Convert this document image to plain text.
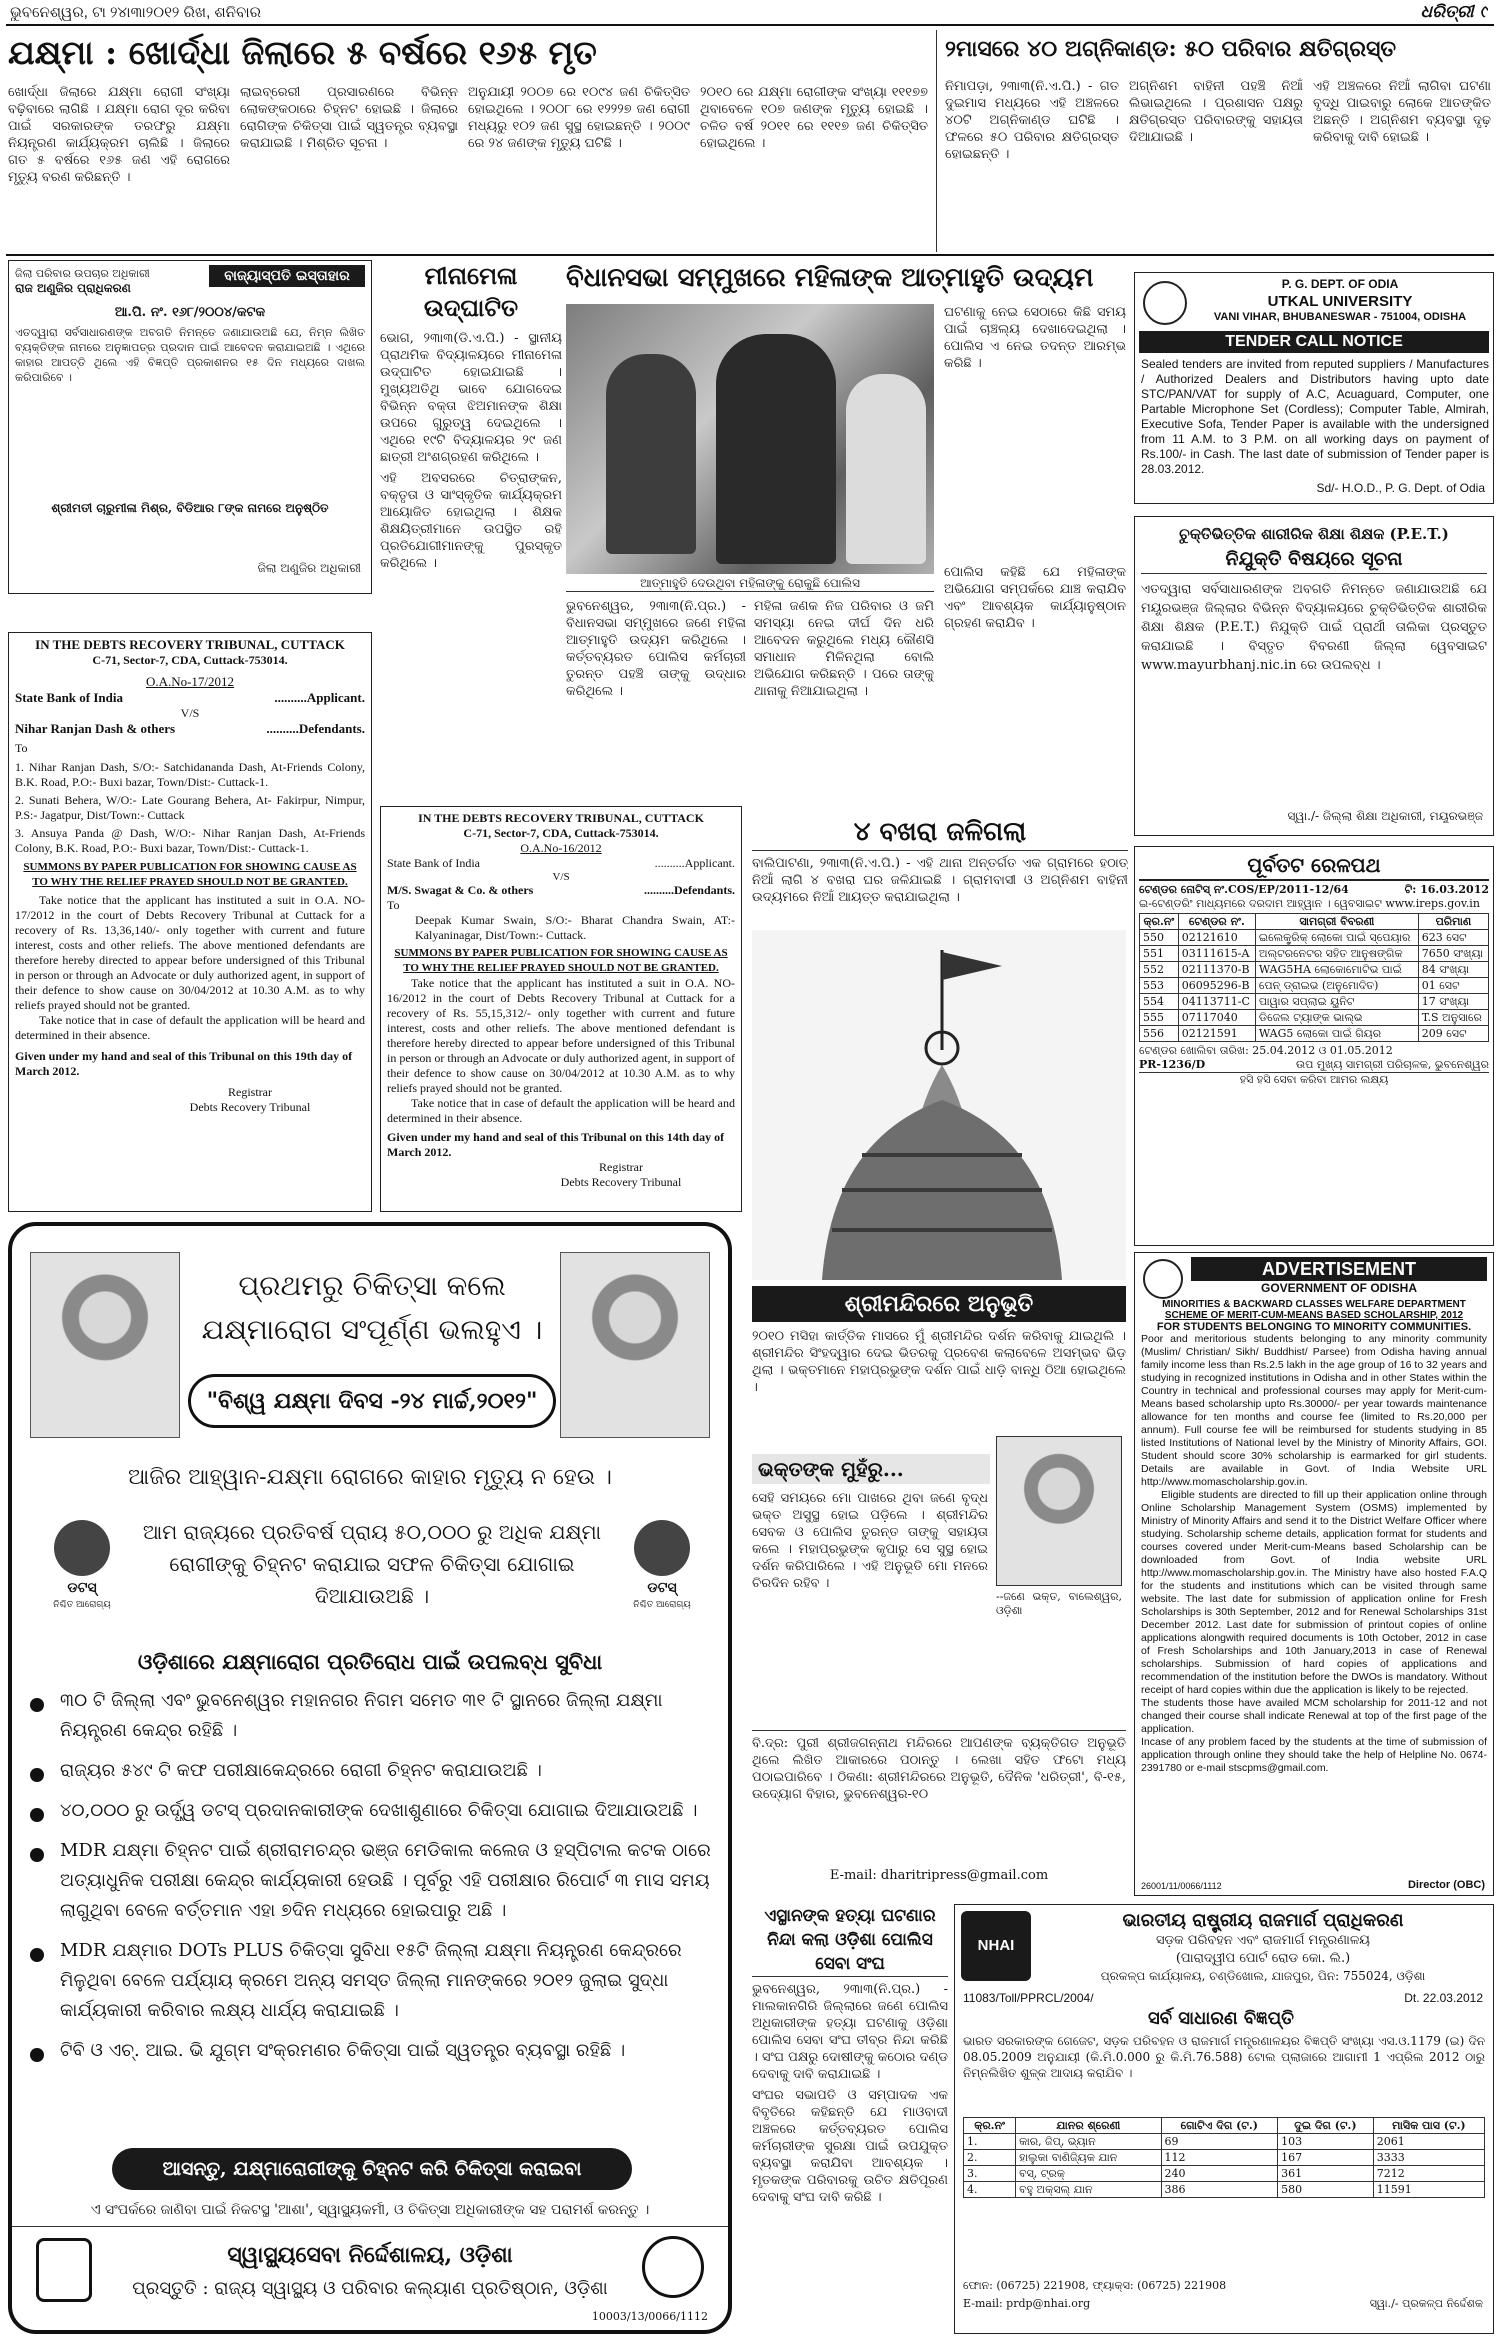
ଭୁବନେଶ୍ୱର, ଟା ୨୪ା୩ା୨୦୧୨ ରିଖ, ଶନିବାର	ଧରିତ୍ରୀ ୯
ଯକ୍ଷ୍ମା : ଖୋର୍ଦ୍ଧା ଜିଲାରେ ୫ ବର୍ଷରେ ୧୬୫ ମୃତ
ଖୋର୍ଦ୍ଧା ଜିଲାରେ ଯକ୍ଷ୍ମା ରୋଗୀ ସଂଖ୍ୟା ବଢ଼ିବାରେ ଲାଗିଛି । ଯକ୍ଷ୍ମା ରୋଗ ଦୂର କରିବା ପାଇଁ ସରକାରଙ୍କ ତରଫରୁ ଯକ୍ଷ୍ମା ନିୟନ୍ତ୍ରଣ କାର୍ଯ୍ୟକ୍ରମ ଚାଲିଛି । ଜିଲାରେ ଗତ ୫ ବର୍ଷରେ ୧୬୫ ଜଣ ଏହି ରୋଗରେ ମୃତ୍ୟୁ ବରଣ କରିଛନ୍ତି ।
ଲାଇବ୍ରେରୀ ପ୍ରସାରଣରେ ବିଭିନ୍ନ ଲୋକଙ୍କଠାରେ ଚିହ୍ନଟ ହୋଇଛି । ଜିଲାରେ ରୋଗିଙ୍କ ଚିକିତ୍ସା ପାଇଁ ସ୍ୱତନ୍ତ୍ର ବ୍ୟବସ୍ଥା କରାଯାଇଛି । ମିଶ୍ରିତ ସୂଚନା ।
ଅନୁଯାୟୀ ୨୦୦୭ ରେ ୧୦୯୪ ଜଣ ଚିକିତ୍ସିତ ହୋଇଥିଲେ । ୨୦୦୮ ରେ ୧୨୨୨୭ ଜଣ ରୋଗୀ ମଧ୍ୟରୁ ୧୦୨ ଜଣ ସୁସ୍ଥ ହୋଇଛନ୍ତି । ୨୦୦୯ ରେ ୨୪ ଜଣଙ୍କ ମୃତ୍ୟୁ ଘଟିଛି ।
୨୦୧୦ ରେ ଯକ୍ଷ୍ମା ରୋଗୀଙ୍କ ସଂଖ୍ୟା ୧୧୧୭୭ ଥିବାବେଳେ ୧୦୭ ଜଣଙ୍କ ମୃତ୍ୟୁ ହୋଇଛି । ଚଳିତ ବର୍ଷ ୨୦୧୧ ରେ ୧୧୧୭ ଜଣ ଚିକିତ୍ସିତ ହୋଇଥିଲେ ।
୨ମାସରେ ୪୦ ଅଗ୍ନିକାଣ୍ଡ: ୫୦ ପରିବାର କ୍ଷତିଗ୍ରସ୍ତ
ନିମାପଡ଼ା, ୨୩ା୩(ନି.ଏ.ପି.) - ଗତ ଦୁଇମାସ ମଧ୍ୟରେ ଏହି ଅଞ୍ଚଳରେ ୪୦ଟି ଅଗ୍ନିକାଣ୍ଡ ଘଟିଛି । ଫଳରେ ୫୦ ପରିବାର କ୍ଷତିଗ୍ରସ୍ତ ହୋଇଛନ୍ତି ।
ଅଗ୍ନିଶମ ବାହିନୀ ପହଞ୍ଚି ନିଆଁ ଲିଭାଇଥିଲେ । ପ୍ରଶାସନ ପକ୍ଷରୁ କ୍ଷତିଗ୍ରସ୍ତ ପରିବାରଙ୍କୁ ସହାୟତା ଦିଆଯାଇଛି ।
ଏହି ଅଞ୍ଚଳରେ ନିଆଁ ଲାଗିବା ଘଟଣା ବୃଦ୍ଧି ପାଇବାରୁ ଲୋକେ ଆତଙ୍କିତ ଅଛନ୍ତି । ଅଗ୍ନିଶମ ବ୍ୟବସ୍ଥା ଦୃଢ଼ କରିବାକୁ ଦାବି ହୋଇଛି ।
ଜିଲା ପରିବାର ଉପଚାର ଅଧିକାରୀ	ବାଜ୍ୟାସ୍ପତି ଇସ୍ତାହାର
ରାଜ ଅଣୁଜିର ପ୍ରାଧିକରଣ
ଆ.ପି. ନଂ. ୧୬୮/୨୦୦୪/କଟକ
ଏତଦ୍ୱାରା ସର୍ବସାଧାରଣଙ୍କ ଅବଗତି ନିମନ୍ତେ ଜଣାଯାଉଅଛି ଯେ, ନିମ୍ନ ଲିଖିତ ବ୍ୟକ୍ତିଙ୍କ ନାମରେ ଅନୁଜ୍ଞାପତ୍ର ପ୍ରଦାନ ପାଇଁ ଆବେଦନ କରାଯାଇଅଛି । ଏଥିରେ କାହାର ଆପତ୍ତି ଥିଲେ ଏହି ବିଜ୍ଞପ୍ତି ପ୍ରକାଶନର ୧୫ ଦିନ ମଧ୍ୟରେ ଦାଖଲ କରିପାରିବେ ।
ଶ୍ରୀମତୀ ଚାରୁମୀଳା ମିଶ୍ର, ବିଡିଆର ୮ଙ୍କ ନାମରେ ଅନୁଷ୍ଠିତ
ଜିଲା ଅଣୁଜିର ଅଧିକାରୀ
IN THE DEBTS RECOVERY TRIBUNAL, CUTTACK
C-71, Sector-7, CDA, Cuttack-753014.
O.A.No-17/2012
State Bank of India	..........Applicant.
V/S
Nihar Ranjan Dash & others	..........Defendants.
To
1. Nihar Ranjan Dash, S/O:- Satchidananda Dash, At-Friends Colony, B.K. Road, P.O:- Buxi bazar, Town/Dist:- Cuttack-1.
2. Sunati Behera, W/O:- Late Gourang Behera, At- Fakirpur, Nimpur, P.S:- Jagatpur, Dist/Town:- Cuttack
3. Ansuya Panda @ Dash, W/O:- Nihar Ranjan Dash, At-Friends Colony, B.K. Road, P.O:- Buxi bazar, Town/Dist:- Cuttack-1.
SUMMONS BY PAPER PUBLICATION FOR SHOWING CAUSE AS TO WHY THE RELIEF PRAYED SHOULD NOT BE GRANTED.
Take notice that the applicant has instituted a suit in O.A. NO-17/2012 in the court of Debts Recovery Tribunal at Cuttack for a recovery of Rs. 13,36,140/- only together with current and future interest, costs and other reliefs. The above mentioned defendants are therefore hereby directed to appear before undersigned of this Tribunal in person or through an Advocate or duly authorized agent, in support of their defence to show cause on 30/04/2012 at 10.30 A.M. as to why reliefs prayed should not be granted.
Take notice that in case of default the application will be heard and determined in their absence.
Given under my hand and seal of this Tribunal on this 19th day of March 2012.
Registrar
Debts Recovery Tribunal
ମୀନାମେଳା ଉଦ୍‌ଘାଟିତ
ଭୋଗ, ୨୩ା୩(ଡି.ଏ.ପି.) - ସ୍ଥାନୀୟ ପ୍ରାଥମିକ ବିଦ୍ୟାଳୟରେ ମୀନାମେଳା ଉଦ୍‌ଘାଟିତ ହୋଇଯାଇଛି । ମୁଖ୍ୟଅତିଥି ଭାବେ ଯୋଗଦେଇ ବିଭିନ୍ନ ବକ୍ତା ଝିଅମାନଙ୍କ ଶିକ୍ଷା ଉପରେ ଗୁରୁତ୍ୱ ଦେଇଥିଲେ । ଏଥିରେ ୧୯ଟି ବିଦ୍ୟାଳୟର ୨୯ ଜଣ ଛାତ୍ରୀ ଅଂଶଗ୍ରହଣ କରିଥିଲେ ।
ଏହି ଅବସରରେ ଚିତ୍ରାଙ୍କନ, ବକ୍ତୃତା ଓ ସାଂସ୍କୃତିକ କାର୍ଯ୍ୟକ୍ରମ ଆୟୋଜିତ ହୋଇଥିଲା । ଶିକ୍ଷକ ଶିକ୍ଷୟିତ୍ରୀମାନେ ଉପସ୍ଥିତ ରହି ପ୍ରତିଯୋଗୀମାନଙ୍କୁ ପୁରସ୍କୃତ କରିଥିଲେ ।
ବିଧାନସଭା ସମ୍ମୁଖରେ ମହିଳାଙ୍କ ଆତ୍ମାହୁତି ଉଦ୍ୟମ
ଆତ୍ମାହୁତି ଦେଉଥିବା ମହିଳାଙ୍କୁ ରୋକୁଛି ପୋଲିସ
ଭୁବନେଶ୍ୱର, ୨୩ା୩(ନି.ପ୍ର.) - ବିଧାନସଭା ସମ୍ମୁଖରେ ଜଣେ ମହିଳା ଆତ୍ମାହୁତି ଉଦ୍ୟମ କରିଥିଲେ । କର୍ତ୍ତବ୍ୟରତ ପୋଲିସ କର୍ମଚାରୀ ତୁରନ୍ତ ପହଞ୍ଚି ତାଙ୍କୁ ଉଦ୍ଧାର କରିଥିଲେ ।
ମହିଳା ଜଣକ ନିଜ ପରିବାର ଓ ଜମି ସମସ୍ୟା ନେଇ ଦୀର୍ଘ ଦିନ ଧରି ଆବେଦନ କରୁଥିଲେ ମଧ୍ୟ କୌଣସି ସମାଧାନ ମିଳିନଥିଲା ବୋଲି ଅଭିଯୋଗ କରିଛନ୍ତି । ପରେ ତାଙ୍କୁ ଥାନାକୁ ନିଆଯାଇଥିଲା ।
ଘଟଣାକୁ ନେଇ ସେଠାରେ କିଛି ସମୟ ପାଇଁ ଚାଞ୍ଚଲ୍ୟ ଦେଖାଦେଇଥିଲା । ପୋଲିସ ଏ ନେଇ ତଦନ୍ତ ଆରମ୍ଭ କରିଛି ।
ପୋଲିସ କହିଛି ଯେ ମହିଳାଙ୍କ ଅଭିଯୋଗ ସମ୍ପର୍କରେ ଯାଞ୍ଚ କରାଯିବ ଏବଂ ଆବଶ୍ୟକ କାର୍ଯ୍ୟାନୁଷ୍ଠାନ ଗ୍ରହଣ କରାଯିବ ।
IN THE DEBTS RECOVERY TRIBUNAL, CUTTACK
C-71, Sector-7, CDA, Cuttack-753014.
O.A.No-16/2012
State Bank of India	..........Applicant.
V/S
M/S. Swagat & Co. & others	..........Defendants.
To
Deepak Kumar Swain, S/O:- Bharat Chandra Swain, AT:- Kalyaninagar, Dist/Town:- Cuttack.
SUMMONS BY PAPER PUBLICATION FOR SHOWING CAUSE AS TO WHY THE RELIEF PRAYED SHOULD NOT BE GRANTED.
Take notice that the applicant has instituted a suit in O.A. NO-16/2012 in the court of Debts Recovery Tribunal at Cuttack for a recovery of Rs. 55,15,312/- only together with current and future interest, costs and other reliefs. The above mentioned defendant is therefore hereby directed to appear before undersigned of this Tribunal in person or through an Advocate or duly authorized agent, in support of their defence to show cause on 30/04/2012 at 10.30 A.M. as to why reliefs prayed should not be granted.
Take notice that in case of default the application will be heard and determined in their absence.
Given under my hand and seal of this Tribunal on this 14th day of March 2012.
Registrar
Debts Recovery Tribunal
୪ ବଖରା ଜଳିଗଲା
ବାଲିପାଟଣା, ୨୩ା୩(ନି.ଏ.ପି.) - ଏହି ଥାନା ଅନ୍ତର୍ଗତ ଏକ ଗ୍ରାମରେ ହଠାତ୍ ନିଆଁ ଲାଗି ୪ ବଖରା ଘର ଜଳିଯାଇଛି । ଗ୍ରାମବାସୀ ଓ ଅଗ୍ନିଶମ ବାହିନୀ ଉଦ୍ୟମରେ ନିଆଁ ଆୟତ୍ତ କରାଯାଇଥିଲା ।
ଶ୍ରୀମନ୍ଦିରରେ ଅନୁଭୂତି
୨୦୧୦ ମସିହା କାର୍ତ୍ତିକ ମାସରେ ମୁଁ ଶ୍ରୀମନ୍ଦିର ଦର୍ଶନ କରିବାକୁ ଯାଇଥିଲି । ଶ୍ରୀମନ୍ଦିର ସିଂହଦ୍ୱାର ଦେଇ ଭିତରକୁ ପ୍ରବେଶ କଲାବେଳେ ଅସମ୍ଭବ ଭିଡ଼ ଥିଲା । ଭକ୍ତମାନେ ମହାପ୍ରଭୁଙ୍କ ଦର୍ଶନ ପାଇଁ ଧାଡ଼ି ବାନ୍ଧି ଠିଆ ହୋଇଥିଲେ ।
ଭକ୍ତଙ୍କ ମୁହଁରୁ...
--ଜଣେ ଭକ୍ତ, ବାଲେଶ୍ୱର, ଓଡ଼ିଶା
ସେହି ସମୟରେ ମୋ ପାଖରେ ଥିବା ଜଣେ ବୃଦ୍ଧ ଭକ୍ତ ଅସୁସ୍ଥ ହୋଇ ପଡ଼ିଲେ । ଶ୍ରୀମନ୍ଦିର ସେବକ ଓ ପୋଲିସ ତୁରନ୍ତ ତାଙ୍କୁ ସହାୟତା କଲେ । ମହାପ୍ରଭୁଙ୍କ କୃପାରୁ ସେ ସୁସ୍ଥ ହୋଇ ଦର୍ଶନ କରିପାରିଲେ । ଏହି ଅନୁଭୂତି ମୋ ମନରେ ଚିରଦିନ ରହିବ ।
ବି.ଦ୍ର: ପୁରୀ ଶ୍ରୀଜଗନ୍ନାଥ ମନ୍ଦିରରେ ଆପଣଙ୍କ ବ୍ୟକ୍ତିଗତ ଅନୁଭୂତି ଥିଲେ ଲିଖିତ ଆକାରରେ ପଠାନ୍ତୁ । ଲେଖା ସହିତ ଫଟୋ ମଧ୍ୟ ପଠାଇପାରିବେ । ଠିକଣା: ଶ୍ରୀମନ୍ଦିରରେ ଅନୁଭୂତି, ଦୈନିକ 'ଧରିତ୍ରୀ', ବି-୧୫, ଉଦ୍ୟୋଗ ବିହାର, ଭୁବନେଶ୍ୱର-୧୦
E-mail: dharitripress@gmail.com
P. G. DEPT. OF ODIA
UTKAL UNIVERSITY
VANI VIHAR, BHUBANESWAR - 751004, ODISHA
TENDER CALL NOTICE
Sealed tenders are invited from reputed suppliers / Manufactures / Authorized Dealers and Distributors having upto date STC/PAN/VAT for supply of A.C, Acuaguard, Computer, one Partable Microphone Set (Cordless); Computer Table, Almirah, Executive Sofa, Tender Paper is available with the undersigned from 11 A.M. to 3 P.M. on all working days on payment of Rs.100/- in Cash. The last date of submission of Tender paper is 28.03.2012.
Sd/- H.O.D., P. G. Dept. of Odia
ଚୁକ୍ତିଭିତ୍ତିକ ଶାରୀରିକ ଶିକ୍ଷା ଶିକ୍ଷକ (P.E.T.)
ନିଯୁକ୍ତି ବିଷୟରେ ସୂଚନା
ଏତଦ୍ୱାରା ସର୍ବସାଧାରଣଙ୍କ ଅବଗତି ନିମନ୍ତେ ଜଣାଯାଉଅଛି ଯେ ମୟୂରଭଞ୍ଜ ଜିଲ୍ଲାର ବିଭିନ୍ନ ବିଦ୍ୟାଳୟରେ ଚୁକ୍ତିଭିତ୍ତିକ ଶାରୀରିକ ଶିକ୍ଷା ଶିକ୍ଷକ (P.E.T.) ନିଯୁକ୍ତି ପାଇଁ ପ୍ରାର୍ଥୀ ତାଲିକା ପ୍ରସ୍ତୁତ କରାଯାଇଛି । ବିସ୍ତୃତ ବିବରଣୀ ଜିଲ୍ଲା ୱେବସାଇଟ www.mayurbhanj.nic.in ରେ ଉପଲବ୍ଧ ।
ସ୍ୱା./- ଜିଲ୍ଲା ଶିକ୍ଷା ଅଧିକାରୀ, ମୟୂରଭଞ୍ଜ
ପୂର୍ବତଟ ରେଳପଥ
ଟେଣ୍ଡର ନୋଟିସ୍ ନଂ.COS/EP/2011-12/64	ଟି: 16.03.2012
ଇ-ଟେଣ୍ଡରିଂ ମାଧ୍ୟମରେ ଦରଦାମ ଆହ୍ୱାନ । ୱେବସାଇଟ www.ireps.gov.in
କ୍ର.ନଂ	ଟେଣ୍ଡର ନଂ.	ସାମଗ୍ରୀ ବିବରଣୀ	ପରିମାଣ
550	02121610	ଇଲେକ୍ଟ୍ରିକ୍ ଲୋକୋ ପାଇଁ ସ୍ପେୟାର	623 ସେଟ
551	03111615-A	ଅଲ୍ଟରନେଟର ସହିତ ଆନୁଷଙ୍ଗିକ	7650 ସଂଖ୍ୟା
552	02111370-B	WAG5HA ଲୋକୋମୋଟିଭ ପାଇଁ	84 ସଂଖ୍ୟା
553	06095296-B	ପେନ୍ ଡ୍ରାଇଭ (ଅନୁମୋଦିତ)	01 ସେଟ
554	04113711-C	ପାୱାର ସପ୍ଲାଇ ୟୁନିଟ	17 ସଂଖ୍ୟା
555	07117040	ଡିଜେଲ ଟ୍ୟାଙ୍କ ଭାଲ୍ଭ	T.S ଅନୁସାରେ
556	02121591	WAG5 ଲୋକୋ ପାଇଁ ଗିୟର	209 ସେଟ
ଟେଣ୍ଡର ଖୋଲିବା ତାରିଖ: 25.04.2012 ଓ 01.05.2012
PR-1236/D	ଉପ ମୁଖ୍ୟ ସାମଗ୍ରୀ ପରିଚାଳକ, ଭୁବନେଶ୍ୱର
ହସି ହସି ସେବା କରିବା ଆମର ଲକ୍ଷ୍ୟ
ADVERTISEMENT
GOVERNMENT OF ODISHA
MINORITIES & BACKWARD CLASSES WELFARE DEPARTMENT
SCHEME OF MERIT-CUM-MEANS BASED SCHOLARSHIP, 2012
FOR STUDENTS BELONGING TO MINORITY COMMUNITIES.
Poor and meritorious students belonging to any minority community (Muslim/ Christian/ Sikh/ Buddhist/ Parsee) from Odisha having annual family income less than Rs.2.5 lakh in the age group of 16 to 32 years and studying in recognized institutions in Odisha and in other States within the Country in technical and professional courses may apply for Merit-cum-Means based scholarship upto Rs.30000/- per year towards maintenance allowance for ten months and course fee (limited to Rs.20,000 per annum). Full course fee will be reimbursed for students studying in 85 listed Institutions of National level by the Ministry of Minority Affairs, GOI. Student should score 30% scholarship is earmarked for girl students. Details are available in Govt. of India Website URL http://www.momascholarship.gov.in.
Eligible students are directed to fill up their application online through Online Scholarship Management System (OSMS) implemented by Ministry of Minority Affairs and send it to the District Welfare Officer where studying. Scholarship scheme details, application format for students and courses covered under Merit-cum-Means based Scholarship can be downloaded from Govt. of India website URL http://www.momascholarship.gov.in. The Ministry have also hosted F.A.Q for the students and institutions which can be visited through same website. The last date for submission of application online for Fresh Scholarships is 30th September, 2012 and for Renewal Scholarships 31st December 2012. Last date for submission of printout copies of online applications alongwith required documents is 10th October, 2012 in case of Fresh Scholarships and 10th January,2013 in case of Renewal scholarships. Submission of hard copies of applications and recommendation of the institution before the DWOs is mandatory. Without receipt of hard copies within due the application is likely to be rejected.
The students those have availed MCM scholarship for 2011-12 and not changed their course shall indicate Renewal at top of the first page of the application.
Incase of any problem faced by the students at the time of submission of application through online they should take the help of Helpline No. 0674-2391780 or e-mail stscpms@gmail.com.
26001/11/0066/1112	Director (OBC)
ପ୍ରଥମରୁ ଚିକିତ୍ସା କଲେ
ଯକ୍ଷ୍ମାରୋଗ ସଂପୂର୍ଣ୍ଣ ଭଲହୁଏ ।
"ବିଶ୍ୱ ଯକ୍ଷ୍ମା ଦିବସ -୨୪ ମାର୍ଚ୍ଚ,୨୦୧୨"
ଆଜିର ଆହ୍ୱାନ-ଯକ୍ଷ୍ମା ରୋଗରେ କାହାର ମୃତ୍ୟୁ ନ ହେଉ ।
ଡଟସ୍
ନିଶ୍ଚିତ ଆରୋଗ୍ୟ
ଡଟସ୍
ନିଶ୍ଚିତ ଆରୋଗ୍ୟ
ଆମ ରାଜ୍ୟରେ ପ୍ରତିବର୍ଷ ପ୍ରାୟ ୫୦,୦୦୦ ରୁ ଅଧିକ ଯକ୍ଷ୍ମା ରୋଗୀଙ୍କୁ ଚିହ୍ନଟ କରାଯାଇ ସଫଳ ଚିକିତ୍ସା ଯୋଗାଇ ଦିଆଯାଉଅଛି ।
ଓଡ଼ିଶାରେ ଯକ୍ଷ୍ମାରୋଗ ପ୍ରତିରୋଧ ପାଇଁ ଉପଲବ୍ଧ ସୁବିଧା
୩୦ ଟି ଜିଲ୍ଲା ଏବଂ ଭୁବନେଶ୍ୱର ମହାନଗର ନିଗମ ସମେତ ୩୧ ଟି ସ୍ଥାନରେ ଜିଲ୍ଲା ଯକ୍ଷ୍ମା ନିୟନ୍ତ୍ରଣ କେନ୍ଦ୍ର ରହିଛି ।
ରାଜ୍ୟର ୫୪୯ ଟି କଫ ପରୀକ୍ଷାକେନ୍ଦ୍ରରେ ରୋଗୀ ଚିହ୍ନଟ କରାଯାଉଅଛି ।
୪୦,୦୦୦ ରୁ ଉର୍ଦ୍ଧ୍ୱ ଡଟସ୍ ପ୍ରଦାନକାରୀଙ୍କ ଦେଖାଶୁଣାରେ ଚିକିତ୍ସା ଯୋଗାଇ ଦିଆଯାଉଅଛି ।
MDR ଯକ୍ଷ୍ମା ଚିହ୍ନଟ ପାଇଁ ଶ୍ରୀରାମଚନ୍ଦ୍ର ଭଞ୍ଜ ମେଡିକାଲ କଲେଜ ଓ ହସ୍ପିଟାଲ କଟକ ଠାରେ ଅତ୍ୟାଧୁନିକ ପରୀକ୍ଷା କେନ୍ଦ୍ର କାର୍ଯ୍ୟକାରୀ ହେଉଛି । ପୂର୍ବରୁ ଏହି ପରୀକ୍ଷାର ରିପୋର୍ଟ ୩ ମାସ ସମୟ ଲାଗୁଥିବା ବେଳେ ବର୍ତ୍ତମାନ ଏହା ୭ଦିନ ମଧ୍ୟରେ ହୋଇପାରୁ ଅଛି ।
MDR ଯକ୍ଷ୍ମାର DOTs PLUS ଚିକିତ୍ସା ସୁବିଧା ୧୫ଟି ଜିଲ୍ଲା ଯକ୍ଷ୍ମା ନିୟନ୍ତ୍ରଣ କେନ୍ଦ୍ରରେ ମିଳୁଥିବା ବେଳେ ପର୍ଯ୍ୟାୟ କ୍ରମେ ଅନ୍ୟ ସମସ୍ତ ଜିଲ୍ଲା ମାନଙ୍କରେ ୨୦୧୨ ଜୁଲାଇ ସୁଦ୍ଧା କାର୍ଯ୍ୟକାରୀ କରିବାର ଲକ୍ଷ୍ୟ ଧାର୍ଯ୍ୟ କରାଯାଇଛି ।
ଟିବି ଓ ଏଚ୍. ଆଇ. ଭି ଯୁଗ୍ମ ସଂକ୍ରମଣର ଚିକିତ୍ସା ପାଇଁ ସ୍ୱତନ୍ତ୍ର ବ୍ୟବସ୍ଥା ରହିଛି ।
ଆସନ୍ତୁ, ଯକ୍ଷ୍ମାରୋଗୀଙ୍କୁ ଚିହ୍ନଟ କରି ଚିକିତ୍ସା କରାଇବା
ଏ ସଂପର୍କରେ ଜାଣିବା ପାଇଁ ନିକଟସ୍ଥ 'ଆଶା', ସ୍ୱାସ୍ଥ୍ୟକର୍ମୀ, ଓ ଚିକିତ୍ସା ଅଧିକାରୀଙ୍କ ସହ ପରାମର୍ଶ କରନ୍ତୁ ।
ସ୍ୱାସ୍ଥ୍ୟସେବା ନିର୍ଦ୍ଦେଶାଳୟ, ଓଡ଼ିଶା
ପ୍ରସ୍ତୁତି : ରାଜ୍ୟ ସ୍ୱାସ୍ଥ୍ୟ ଓ ପରିବାର କଲ୍ୟାଣ ପ୍ରତିଷ୍ଠାନ, ଓଡ଼ିଶା
10003/13/0066/1112
ଏସ୍ଥାନଙ୍କ ହତ୍ୟା ଘଟଣାର ନିନ୍ଦା କଲା ଓଡ଼ିଶା ପୋଲିସ ସେବା ସଂଘ
ଭୁବନେଶ୍ୱର, ୨୩ା୩(ନି.ପ୍ର.) - ମାଲକାନଗିରି ଜିଲ୍ଲାରେ ଜଣେ ପୋଲିସ ଅଧିକାରୀଙ୍କ ହତ୍ୟା ଘଟଣାକୁ ଓଡ଼ିଶା ପୋଲିସ ସେବା ସଂଘ ତୀବ୍ର ନିନ୍ଦା କରିଛି । ସଂଘ ପକ୍ଷରୁ ଦୋଷୀଙ୍କୁ କଠୋର ଦଣ୍ଡ ଦେବାକୁ ଦାବି କରାଯାଇଛି ।
ସଂଘର ସଭାପତି ଓ ସମ୍ପାଦକ ଏକ ବିବୃତିରେ କହିଛନ୍ତି ଯେ ମାଓବାଦୀ ଅଞ୍ଚଳରେ କର୍ତ୍ତବ୍ୟରତ ପୋଲିସ କର୍ମଚାରୀଙ୍କ ସୁରକ୍ଷା ପାଇଁ ଉପଯୁକ୍ତ ବ୍ୟବସ୍ଥା କରାଯିବା ଆବଶ୍ୟକ । ମୃତକଙ୍କ ପରିବାରକୁ ଉଚିତ କ୍ଷତିପୂରଣ ଦେବାକୁ ସଂଘ ଦାବି କରିଛି ।
NHAI
ଭାରତୀୟ ରାଷ୍ଟ୍ରୀୟ ରାଜମାର୍ଗ ପ୍ରାଧିକରଣ
ସଡ଼କ ପରିବହନ ଏବଂ ରାଜମାର୍ଗ ମନ୍ତ୍ରଣାଳୟ
(ପାରାଦ୍ୱୀପ ପୋର୍ଟ ରୋଡ କୋ. ଲି.)
ପ୍ରକଳ୍ପ କାର୍ଯ୍ୟାଳୟ, ଚଣ୍ଡିଖୋଲ, ଯାଜପୁର, ପିନ: 755024, ଓଡ଼ିଶା
11083/Toll/PPRCL/2004/	Dt. 22.03.2012
ସର୍ବ ସାଧାରଣ ବିଜ୍ଞପ୍ତି
ଭାରତ ସରକାରଙ୍କ ଗେଜେଟ, ସଡ଼କ ପରିବହନ ଓ ରାଜମାର୍ଗ ମନ୍ତ୍ରଣାଳୟର ବିଜ୍ଞପ୍ତି ସଂଖ୍ୟା ଏସ.ଓ.1179 (ଇ) ଦିନ 08.05.2009 ଅନୁଯାୟୀ (କି.ମି.0.000 ରୁ କି.ମି.76.588) ଟୋଲ ପ୍ଲାଜାରେ ଆଗାମୀ 1 ଏପ୍ରିଲ 2012 ଠାରୁ ନିମ୍ନଲିଖିତ ଶୁଳ୍କ ଆଦାୟ କରାଯିବ ।
କ୍ର.ନଂ	ଯାନର ଶ୍ରେଣୀ	ଗୋଟିଏ ଦିଗ (ଟ.)	ଦୁଇ ଦିଗ (ଟ.)	ମାସିକ ପାସ (ଟ.)
1.	କାର, ଜିପ୍, ଭ୍ୟାନ	69	103	2061
2.	ହାଲୁକା ବାଣିଜ୍ୟିକ ଯାନ	112	167	3333
3.	ବସ୍, ଟ୍ରକ୍	240	361	7212
4.	ବହୁ ଅକ୍ସଲ୍ ଯାନ	386	580	11591
ଫୋନ: (06725) 221908, ଫ୍ୟାକ୍ସ: (06725) 221908
E-mail: prdp@nhai.org	ସ୍ୱା./- ପ୍ରକଳ୍ପ ନିର୍ଦ୍ଦେଶକ
